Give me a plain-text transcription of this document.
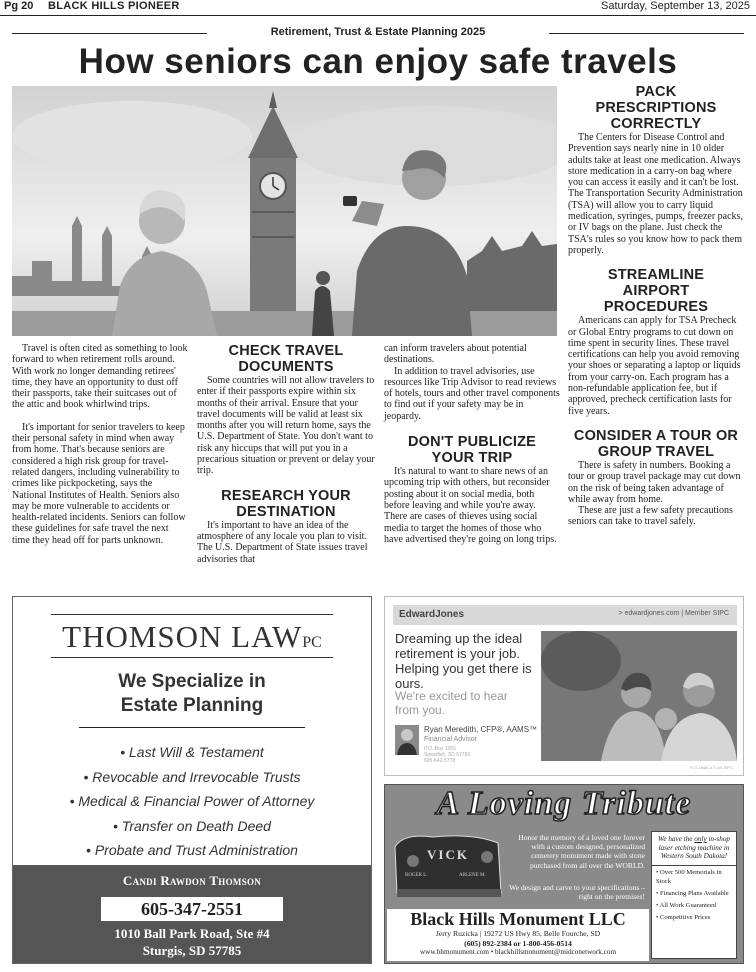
Pg 20 BLACK HILLS PIONEER	Saturday, September 13, 2025
Retirement, Trust & Estate Planning 2025
How seniors can enjoy safe travels

Travel is often cited as something to look forward to when retirement rolls around. With work no longer demanding retirees' time, they have an opportunity to dust off their passports, take their suitcases out of the attic and book whirlwind trips.

It's important for senior travelers to keep their personal safety in mind when away from home. That's because seniors are considered a high risk group for travel-related dangers, including vulnerability to crimes like pickpocketing, says the National Institutes of Health. Seniors also may be more vulnerable to accidents or health-related incidents. Seniors can follow these guidelines for safe travel the next time they head off for parts unknown.

CHECK TRAVEL DOCUMENTS

Some countries will not allow travelers to enter if their passports expire within six months of their arrival. Ensure that your travel documents will be valid at least six months after you will return home, says the U.S. Department of State. You don't want to risk any hiccups that will put you in a precarious situation or prevent or delay your trip.

RESEARCH YOUR DESTINATION

It's important to have an idea of the atmosphere of any locale you plan to visit. The U.S. Department of State issues travel advisories that

can inform travelers about potential destinations.

In addition to travel advisories, use resources like Trip Advisor to read reviews of hotels, tours and other travel components to find out if your safety may be in jeopardy.

DON'T PUBLICIZE YOUR TRIP

It's natural to want to share news of an upcoming trip with others, but reconsider posting about it on social media, both before leaving and while you're away. There are cases of thieves using social media to target the homes of those who have advertised they're going on long trips.

PACK PRESCRIPTIONS CORRECTLY

The Centers for Disease Control and Prevention says nearly nine in 10 older adults take at least one medication. Always store medication in a carry-on bag where you can access it easily and it can't be lost. The Transportation Security Administration (TSA) will allow you to carry liquid medication, syringes, pumps, freezer packs, or IV bags on the plane. Just check the TSA's rules so you know how to pack them properly.

STREAMLINE AIRPORT PROCEDURES

Americans can apply for TSA Precheck or Global Entry programs to cut down on time spent in security lines. These travel certifications can help you avoid removing your shoes or separating a laptop or liquids from your carry-on. Each program has a non-refundable application fee, but if approved, precheck certification lasts for five years.

CONSIDER A TOUR OR GROUP TRAVEL

There is safety in numbers. Booking a tour or group travel package may cut down on the risk of being taken advantage of while away from home.

These are just a few safety precautions seniors can take to travel safely.

THOMSON LAWPC
We Specialize in
Estate Planning
• Last Will & Testament
• Revocable and Irrevocable Trusts
• Medical & Financial Power of Attorney
• Transfer on Death Deed
• Probate and Trust Administration
Candi Rawdon Thomson
605-347-2551
1010 Ball Park Road, Ste #4
Sturgis, SD 57785
EdwardJones	> edwardjones.com | Member SIPC
Dreaming up the ideal retirement is your job. Helping you get there is ours.
We're excited to hear from you.
Ryan Meredith, CFP®, AAMS™
Financial Advisor
P.O. Box 1355
Spearfish, SD 57783
605-642-5778
FCT-1848I-A © AS SIPC
A Loving Tribute
VICK
ROGER L.	ARLENE M.
Honor the memory of a loved one forever with a custom designed, personalized cemetery monument made with stone purchased from all over the WORLD.
We design and carve to your specifications – right on the premises!
We have the only in-shop laser etching machine in Western South Dakota!
• Over 500 Memorials in Stock
• Financing Plans Available
• All Work Guaranteed
• Competitive Prices
Black Hills Monument LLC
Jerry Ruzicka | 19272 US Hwy 85, Belle Fourche, SD
(605) 892-2384 or 1-800-456-0514
www.bhmonument.com • blackhillsmonument@midconetwork.com
